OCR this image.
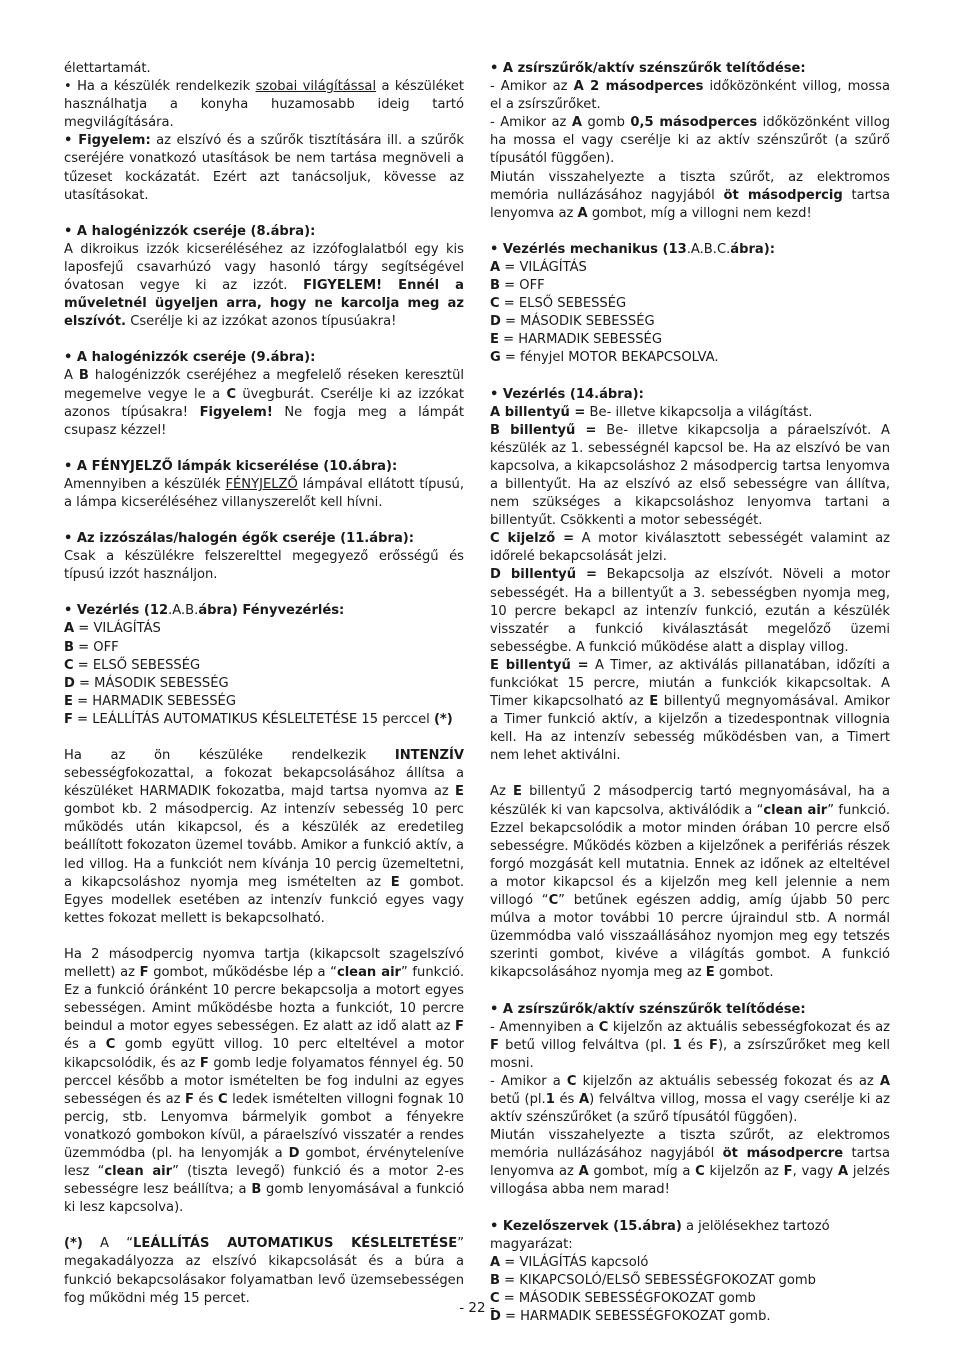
élettartamát.

• Ha a készülék rendelkezik szobai világítással a készüléket használhatja a konyha huzamosabb ideig tartó megvilágítására.

• Figyelem: az elszívó és a szűrők tisztítására ill. a szűrők cseréjére vonatkozó utasítások be nem tartása megnöveli a tűzeset kockázatát. Ezért azt tanácsoljuk, kövesse az utasításokat.

• A halogénizzók cseréje (8.ábra):

A dikroikus izzók kicseréléséhez az izzófoglalatból egy kis laposfejű csavarhúzó vagy hasonló tárgy segítségével óvatosan vegye ki az izzót. FIGYELEM! Ennél a műveletnél ügyeljen arra, hogy ne karcolja meg az elszívót. Cserélje ki az izzókat azonos típusúakra!

• A halogénizzók cseréje (9.ábra):

A B halogénizzók cseréjéhez a megfelelő réseken keresztül megemelve vegye le a C üvegburát. Cserélje ki az izzókat azonos típúsakra! Figyelem! Ne fogja meg a lámpát csupasz kézzel!

• A FÉNYJELZŐ lámpák kicserélése (10.ábra):

Amennyiben a készülék FÉNYJELZŐ lámpával ellátott típusú, a lámpa kicseréléséhez villanyszerelőt kell hívni.

• Az izzószálas/halogén égők cseréje (11.ábra):

Csak a készülékre felszerelttel megegyező erősségű és típusú izzót használjon.

• Vezérlés (12.A.B.ábra) Fényvezérlés:

A = VILÁGÍTÁS

B = OFF

C = ELSŐ SEBESSÉG

D = MÁSODIK SEBESSÉG

E = HARMADIK SEBESSÉG

F = LEÁLLÍTÁS AUTOMATIKUS KÉSLELTETÉSE 15 perccel (*)

Ha az ön készüléke rendelkezik INTENZÍV sebességfokozattal, a fokozat bekapcsolásához állítsa a készüléket HARMADIK fokozatba, majd tartsa nyomva az E gombot kb. 2 másodpercig. Az intenzív sebesség 10 perc működés után kikapcsol, és a készülék az eredetileg beállított fokozaton üzemel tovább. Amikor a funkció aktív, a led villog. Ha a funkciót nem kívánja 10 percig üzemeltetni, a kikapcsoláshoz nyomja meg ismételten az E gombot. Egyes modellek esetében az intenzív funkció egyes vagy kettes fokozat mellett is bekapcsolható.

Ha 2 másodpercig nyomva tartja (kikapcsolt szagelszívó mellett) az F gombot, működésbe lép a “clean air” funkció. Ez a funkció óránként 10 percre bekapcsolja a motort egyes sebességen. Amint működésbe hozta a funkciót, 10 percre beindul a motor egyes sebességen. Ez alatt az idő alatt az F és a C gomb együtt villog. 10 perc elteltével a motor kikapcsolódik, és az F gomb ledje folyamatos fénnyel ég. 50 perccel később a motor ismételten be fog indulni az egyes sebességen és az F és C ledek ismételten villogni fognak 10 percig, stb. Lenyomva bármelyik gombot a fényekre vonatkozó gombokon kívül, a páraelszívó visszatér a rendes üzemmódba (pl. ha lenyomják a D gombot, érvényteleníve lesz “clean air” (tiszta levegő) funkció és a motor 2-es sebességre lesz beállítva; a B gomb lenyomásával a funkció ki lesz kapcsolva).

(*) A “LEÁLLÍTÁS AUTOMATIKUS KÉSLELTETÉSE” megakadályozza az elszívó kikapcsolását és a búra a funkció bekapcsolásakor folyamatban levő üzemsebességen fog működni még 15 percet.

• A zsírszűrők/aktív szénszűrők telítődése:

- Amikor az A 2 másodperces időközönként villog, mossa el a zsírszűrőket.

- Amikor az A gomb 0,5 másodperces időközönként villog ha mossa el vagy cserélje ki az aktív szénszűrőt (a szűrő típusától függően).

Miután visszahelyezte a tiszta szűrőt, az elektromos memória nullázásához nagyjából öt másodpercig tartsa lenyomva az A gombot, míg a villogni nem kezd!

• Vezérlés mechanikus (13.A.B.C.ábra):

A = VILÁGÍTÁS

B = OFF

C = ELSŐ SEBESSÉG

D = MÁSODIK SEBESSÉG

E = HARMADIK SEBESSÉG

G = fényjel MOTOR BEKAPCSOLVA.

• Vezérlés (14.ábra):

A billentyű = Be- illetve kikapcsolja a világítást.

B billentyű = Be- illetve kikapcsolja a páraelszívót. A készülék az 1. sebességnél kapcsol be. Ha az elszívó be van kapcsolva, a kikapcsoláshoz 2 másodpercig tartsa lenyomva a billentyűt. Ha az elszívó az első sebességre van állítva, nem szükséges a kikapcsoláshoz lenyomva tartani a billentyűt. Csökkenti a motor sebességét.

C kijelző = A motor kiválasztott sebességét valamint az időrelé bekapcsolását jelzi.

D billentyű = Bekapcsolja az elszívót. Növeli a motor sebességét. Ha a billentyűt a 3. sebességben nyomja meg, 10 percre bekapcl az intenzív funkció, ezután a készülék visszatér a funkció kiválasztását megelőző üzemi sebességbe. A funkció működése alatt a display villog.

E billentyű = A Timer, az aktiválás pillanatában, időzíti a funkciókat 15 percre, miután a funkciók kikapcsoltak. A Timer kikapcsolható az E billentyű megnyomásával. Amikor a Timer funkció aktív, a kijelzőn a tizedespontnak villognia kell. Ha az intenzív sebesség működésben van, a Timert nem lehet aktiválni.

Az E billentyű 2 másodpercig tartó megnyomásával, ha a készülék ki van kapcsolva, aktiválódik a “clean air” funkció. Ezzel bekapcsolódik a motor minden órában 10 percre első sebességre. Működés közben a kijelzőnek a perifériás részek forgó mozgását kell mutatnia. Ennek az időnek az elteltével a motor kikapcsol és a kijelzőn meg kell jelennie a nem villogó “C” betűnek egészen addig, amíg újabb 50 perc múlva a motor további 10 percre újraindul stb. A normál üzemmódba való visszaállásához nyomjon meg egy tetszés szerinti gombot, kivéve a világítás gombot. A funkció kikapcsolásához nyomja meg az E gombot.

• A zsírszűrők/aktív szénszűrők telítődése:

- Amennyiben a C kijelzőn az aktuális sebességfokozat és az F betű villog felváltva (pl. 1 és F), a zsírszűrőket meg kell mosni.

- Amikor a C kijelzőn az aktuális sebesség fokozat és az A betű (pl.1 és A) felváltva villog, mossa el vagy cserélje ki az aktív szénszűrőket (a szűrő típusától függően).

Miután visszahelyezte a tiszta szűrőt, az elektromos memória nullázásához nagyjából öt másodpercre tartsa lenyomva az A gombot, míg a C kijelzőn az F, vagy A jelzés villogása abba nem marad!

• Kezelőszervek (15.ábra) a jelölésekhez tartozó magyarázat:

A = VILÁGÍTÁS kapcsoló

B = KIKAPCSOLÓ/ELSŐ SEBESSÉGFOKOZAT gomb

C = MÁSODIK SEBESSÉGFOKOZAT gomb

D = HARMADIK SEBESSÉGFOKOZAT gomb.

- 22 -
